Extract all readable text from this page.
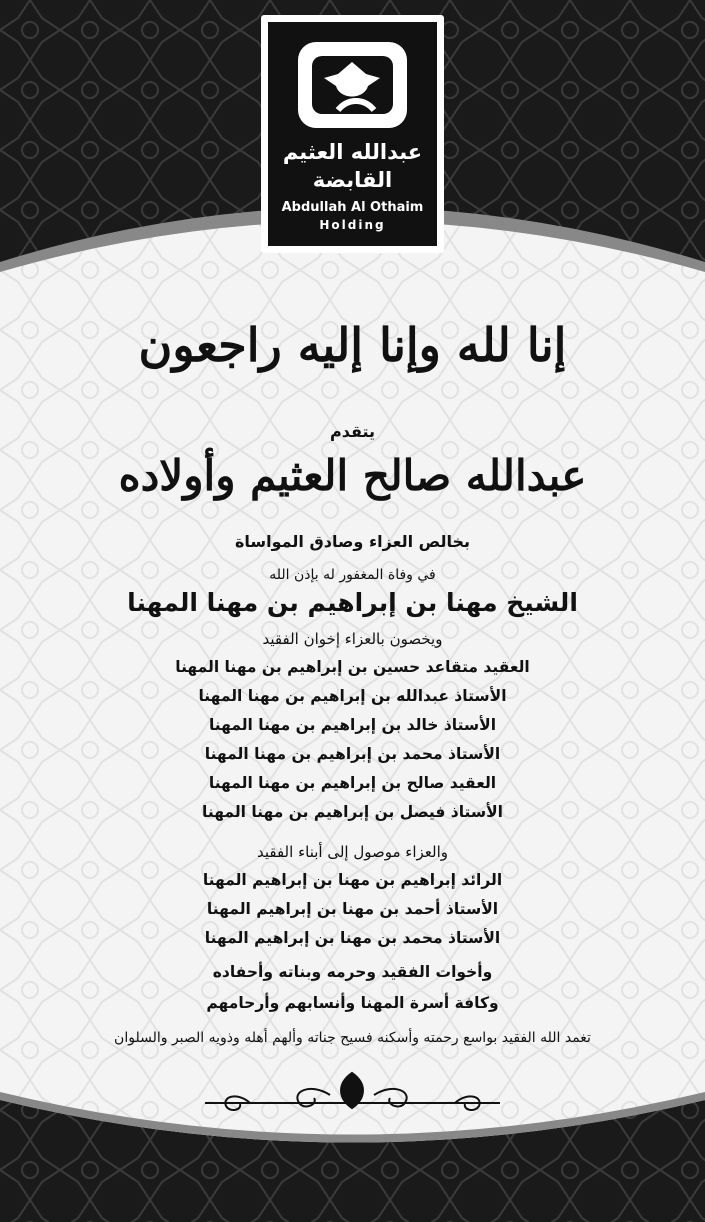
عبدالله العثيم
القابضة
Abdullah Al Othaim
Holding
إنا لله وإنا إليه راجعون
يتقدم
عبدالله صالح العثيم وأولاده
بخالص العزاء وصادق المواساة
في وفاة المغفور له بإذن الله
الشيخ مهنا بن إبراهيم بن مهنا المهنا
ويخصون بالعزاء إخوان الفقيد
العقيد متقاعد حسين بن إبراهيم بن مهنا المهنا
الأستاذ عبدالله بن إبراهيم بن مهنا المهنا
الأستاذ خالد بن إبراهيم بن مهنا المهنا
الأستاذ محمد بن إبراهيم بن مهنا المهنا
العقيد صالح بن إبراهيم بن مهنا المهنا
الأستاذ فيصل بن إبراهيم بن مهنا المهنا
والعزاء موصول إلى أبناء الفقيد
الرائد إبراهيم بن مهنا بن إبراهيم المهنا
الأستاذ أحمد بن مهنا بن إبراهيم المهنا
الأستاذ محمد بن مهنا بن إبراهيم المهنا
وأخوات الفقيد وحرمه وبناته وأحفاده
وكافة أسرة المهنا وأنسابهم وأرحامهم
تغمد الله الفقيد بواسع رحمته وأسكنه فسيح جناته وألهم أهله وذويه الصبر والسلوان
